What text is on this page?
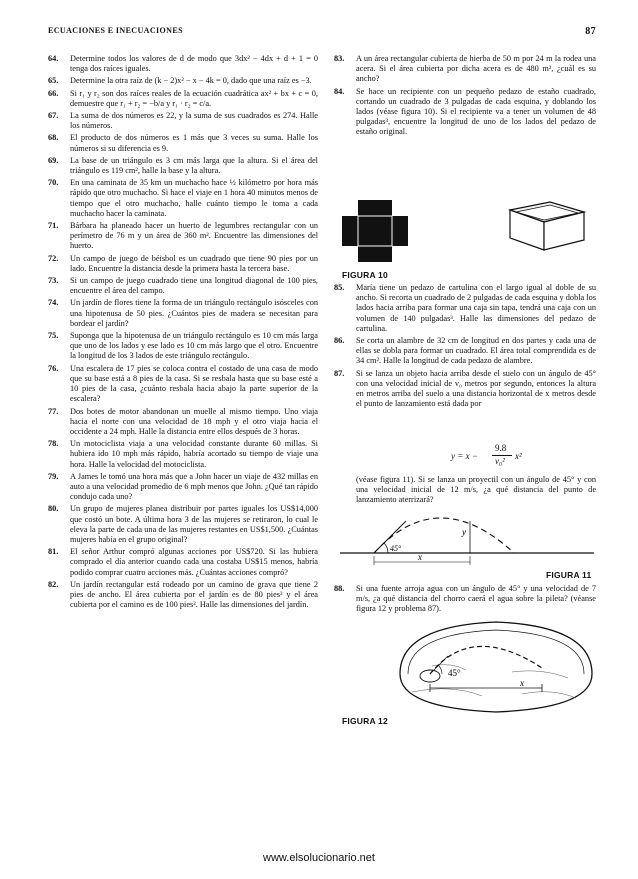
ECUACIONES E INECUACIONES	87
64. Determine todos los valores de d de modo que 3dx² − 4dx + d + 1 = 0 tenga dos raíces iguales.
65. Determine la otra raíz de (k − 2)x² − x − 4k = 0, dado que una raíz es −3.
66. Si r₁ y r₂ son dos raíces reales de la ecuación cuadrática ax² + bx + c = 0, demuestre que r₁ + r₂ = −b/a y r₁ · r₂ = c/a.
67. La suma de dos números es 22, y la suma de sus cuadrados es 274. Halle los números.
68. El producto de dos números es 1 más que 3 veces su suma. Halle los números si su diferencia es 9.
69. La base de un triángulo es 3 cm más larga que la altura. Si el área del triángulo es 119 cm², halle la base y la altura.
70. En una caminata de 35 km un muchacho hace ½ kilómetro por hora más rápido que otro muchacho. Si hace el viaje en 1 hora 40 minutos menos de tiempo que el otro muchacho, halle cuánto tiempo le toma a cada muchacho hacer la caminata.
71. Bárbara ha planeado hacer un huerto de legumbres rectangular con un perímetro de 76 m y un área de 360 m². Encuentre las dimensiones del huerto.
72. Un campo de juego de béisbol es un cuadrado que tiene 90 pies por un lado. Encuentre la distancia desde la primera hasta la tercera base.
73. Si un campo de juego cuadrado tiene una longitud diagonal de 100 pies, encuentre el área del campo.
74. Un jardín de flores tiene la forma de un triángulo rectángulo isósceles con una hipotenusa de 50 pies. ¿Cuántos pies de madera se necesitan para bordear el jardín?
75. Suponga que la hipotenusa de un triángulo rectángulo es 10 cm más larga que uno de los lados y ese lado es 10 cm más largo que el otro. Encuentre la longitud de los 3 lados de este triángulo rectángulo.
76. Una escalera de 17 pies se coloca contra el costado de una casa de modo que su base está a 8 pies de la casa. Si se resbala hasta que su base esté a 10 pies de la casa, ¿cuánto resbala hacia abajo la parte superior de la escalera?
77. Dos botes de motor abandonan un muelle al mismo tiempo. Uno viaja hacia el norte con una velocidad de 18 mph y el otro viaja hacia el occidente a 24 mph. Halle la distancia entre ellos después de 3 horas.
78. Un motociclista viaja a una velocidad constante durante 60 millas. Si hubiera ido 10 mph más rápido, habría acortado su tiempo de viaje una hora. Halle la velocidad del motociclista.
79. A James le tomó una hora más que a John hacer un viaje de 432 millas en auto a una velocidad promedio de 6 mph menos que John. ¿Qué tan rápido condujo cada uno?
80. Un grupo de mujeres planea distribuir por partes iguales los US$14,000 que costó un bote. A última hora 3 de las mujeres se retiraron, lo cual le eleva la parte de cada una de las mujeres restantes en US$1,500. ¿Cuántas mujeres había en el grupo original?
81. El señor Arthur compró algunas acciones por US$720. Si las hubiera comprado el día anterior cuando cada una costaba US$15 menos, habría podido comprar cuatro acciones más. ¿Cuántas acciones compró?
82. Un jardín rectangular está rodeado por un camino de grava que tiene 2 pies de ancho. El área cubierta por el jardín es de 80 pies² y el área cubierta por el camino es de 100 pies². Halle las dimensiones del jardín.
83. A un área rectangular cubierta de hierba de 50 m por 24 m la rodea una acera. Si el área cubierta por dicha acera es de 480 m², ¿cuál es su ancho?
84. Se hace un recipiente con un pequeño pedazo de estaño cuadrado, cortando un cuadrado de 3 pulgadas de cada esquina, y doblando los lados (véase figura 10). Si el recipiente va a tener un volumen de 48 pulgadas³, encuentre la longitud de uno de los lados del pedazo de estaño original.
FIGURA 10
85. María tiene un pedazo de cartulina con el largo igual al doble de su ancho. Si recorta un cuadrado de 2 pulgadas de cada esquina y dobla los lados hacia arriba para formar una caja sin tapa, tendrá una caja con un volumen de 140 pulgadas³. Halle las dimensiones del pedazo de cartulina.
86. Se corta un alambre de 32 cm de longitud en dos partes y cada una de ellas se dobla para formar un cuadrado. El área total comprendida es de 34 cm². Halle la longitud de cada pedazo de alambre.
87. Si se lanza un objeto hacia arriba desde el suelo con un ángulo de 45° con una velocidad inicial de v₀ metros por segundo, entonces la altura en metros arriba del suelo a una distancia horizontal de x metros desde el punto de lanzamiento está dada por
y = x −
9.8
v₀² x²
(véase figura 11). Si se lanza un proyectil con un ángulo de 45° y con una velocidad inicial de 12 m/s, ¿a qué distancia del punto de lanzamiento aterrizará?
45°
y
x
FIGURA 11
88. Si una fuente arroja agua con un ángulo de 45° y una velocidad de 7 m/s, ¿a qué distancia del chorro caerá el agua sobre la pileta? (véanse figura 12 y problema 87).
45°
x
FIGURA 12
www.elsolucionario.net
